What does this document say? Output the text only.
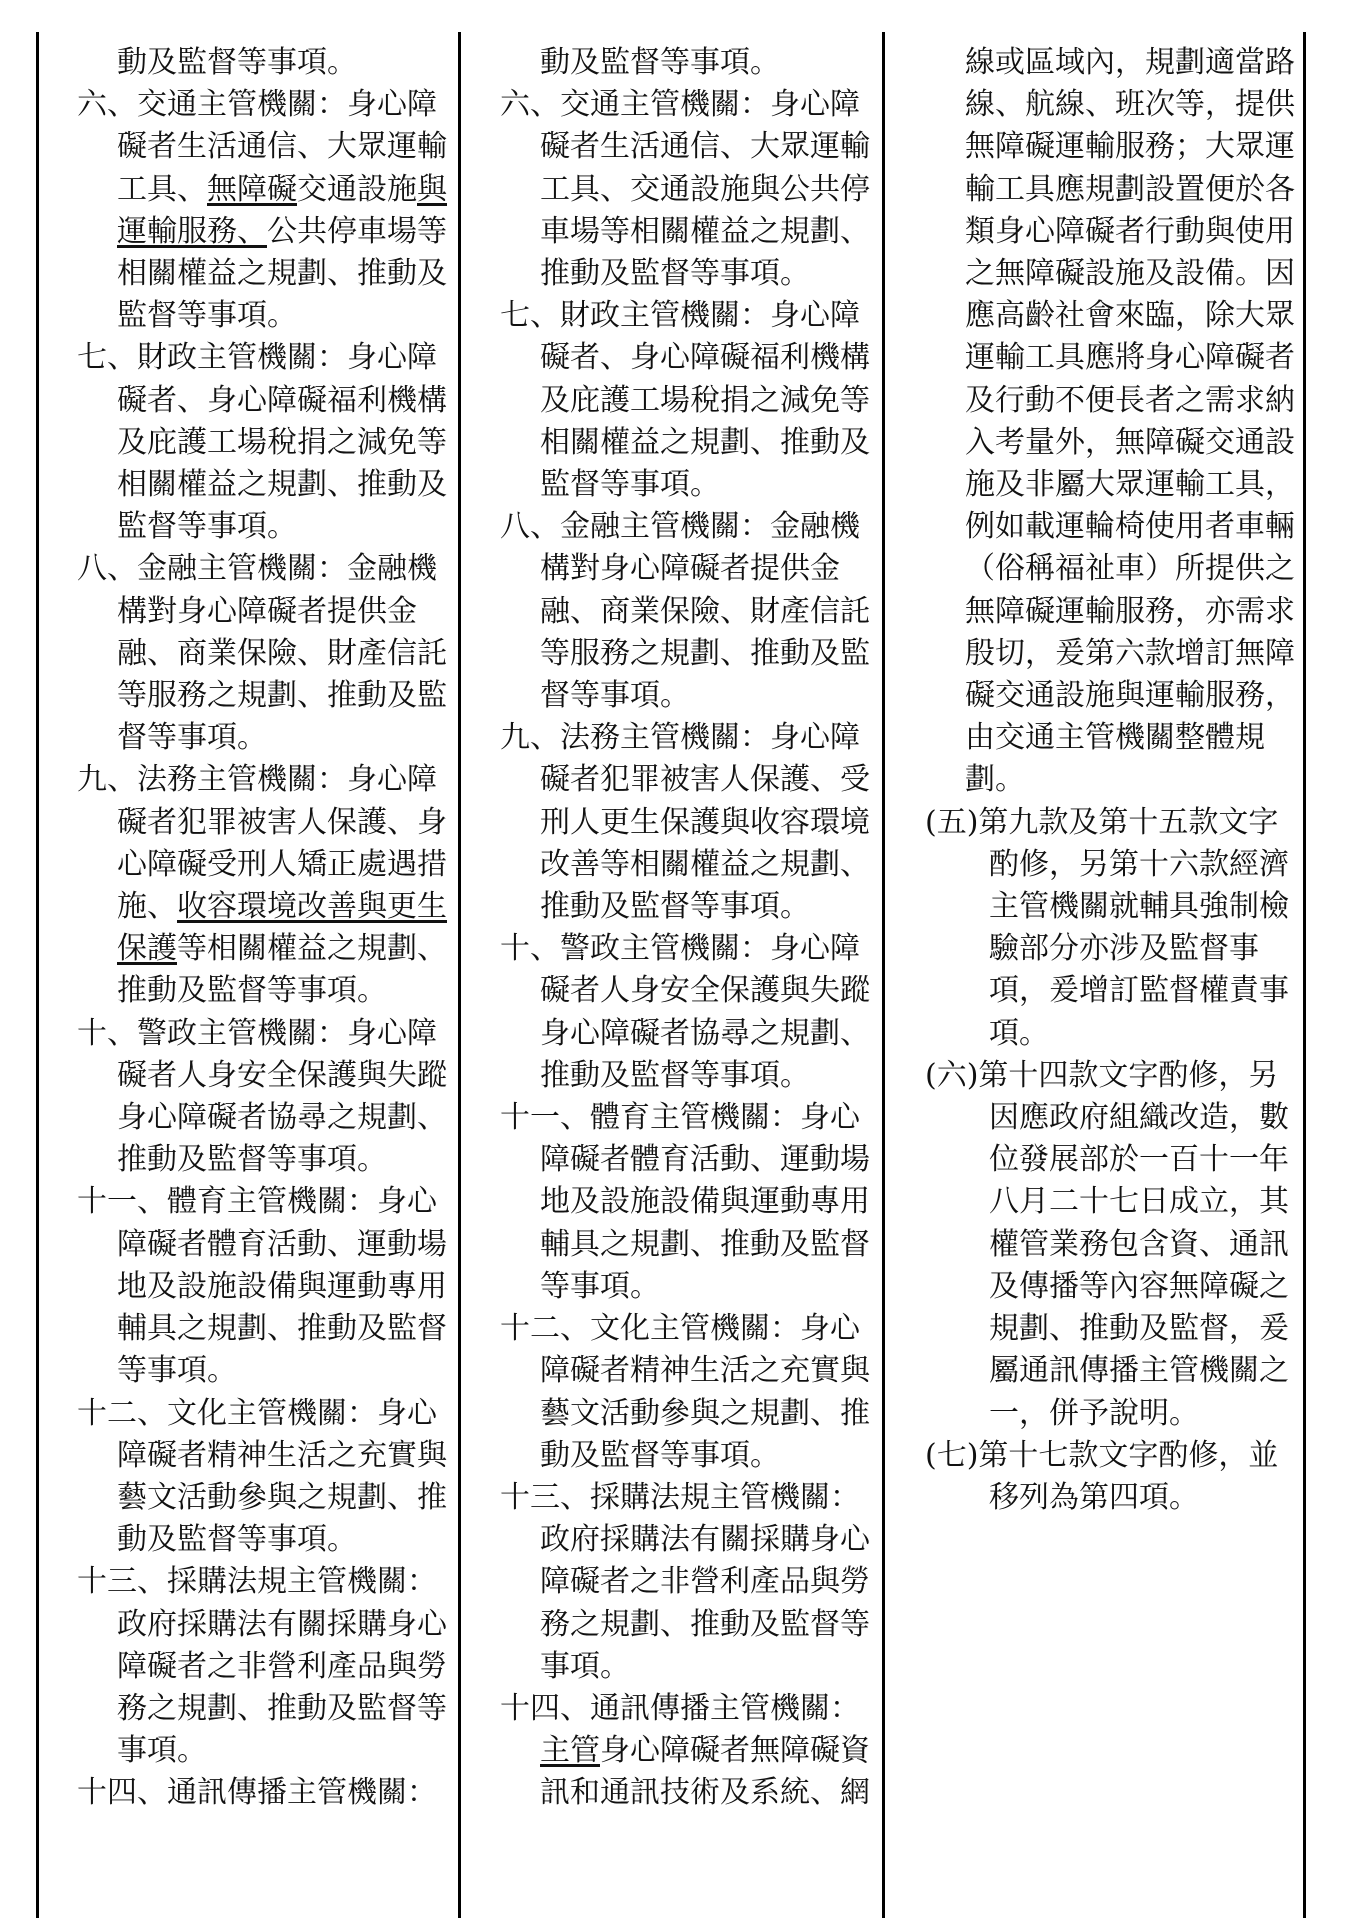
動及監督等事項。
六、交通主管機關：身心障礙者生活通信、大眾運輸工具、無障礙交通設施與運輸服務、公共停車場等相關權益之規劃、推動及監督等事項。
七、財政主管機關：身心障礙者、身心障礙福利機構及庇護工場稅捐之減免等相關權益之規劃、推動及監督等事項。
八、金融主管機關：金融機構對身心障礙者提供金融、商業保險、財產信託等服務之規劃、推動及監督等事項。
九、法務主管機關：身心障礙者犯罪被害人保護、身心障礙受刑人矯正處遇措施、收容環境改善與更生保護等相關權益之規劃、推動及監督等事項。
十、警政主管機關：身心障礙者人身安全保護與失蹤身心障礙者協尋之規劃、推動及監督等事項。
十一、體育主管機關：身心障礙者體育活動、運動場地及設施設備與運動專用輔具之規劃、推動及監督等事項。
十二、文化主管機關：身心障礙者精神生活之充實與藝文活動參與之規劃、推動及監督等事項。
十三、採購法規主管機關：政府採購法有關採購身心障礙者之非營利產品與勞務之規劃、推動及監督等事項。
十四、通訊傳播主管機關：
動及監督等事項。
六、交通主管機關：身心障礙者生活通信、大眾運輸工具、交通設施與公共停車場等相關權益之規劃、推動及監督等事項。
七、財政主管機關：身心障礙者、身心障礙福利機構及庇護工場稅捐之減免等相關權益之規劃、推動及監督等事項。
八、金融主管機關：金融機構對身心障礙者提供金融、商業保險、財產信託等服務之規劃、推動及監督等事項。
九、法務主管機關：身心障礙者犯罪被害人保護、受刑人更生保護與收容環境改善等相關權益之規劃、推動及監督等事項。
十、警政主管機關：身心障礙者人身安全保護與失蹤身心障礙者協尋之規劃、推動及監督等事項。
十一、體育主管機關：身心障礙者體育活動、運動場地及設施設備與運動專用輔具之規劃、推動及監督等事項。
十二、文化主管機關：身心障礙者精神生活之充實與藝文活動參與之規劃、推動及監督等事項。
十三、採購法規主管機關：政府採購法有關採購身心障礙者之非營利產品與勞務之規劃、推動及監督等事項。
十四、通訊傳播主管機關：主管身心障礙者無障礙資訊和通訊技術及系統、網
線或區域內，規劃適當路線、航線、班次等，提供無障礙運輸服務；大眾運輸工具應規劃設置便於各類身心障礙者行動與使用之無障礙設施及設備。因應高齡社會來臨，除大眾運輸工具應將身心障礙者及行動不便長者之需求納入考量外，無障礙交通設施及非屬大眾運輸工具，例如載運輪椅使用者車輛（俗稱福祉車）所提供之無障礙運輸服務，亦需求殷切，爰第六款增訂無障礙交通設施與運輸服務，由交通主管機關整體規劃。
(五)第九款及第十五款文字酌修，另第十六款經濟主管機關就輔具強制檢驗部分亦涉及監督事項，爰增訂監督權責事項。
(六)第十四款文字酌修，另因應政府組織改造，數位發展部於一百十一年八月二十七日成立，其權管業務包含資、通訊及傳播等內容無障礙之規劃、推動及監督，爰屬通訊傳播主管機關之一，併予說明。
(七)第十七款文字酌修，並移列為第四項。
